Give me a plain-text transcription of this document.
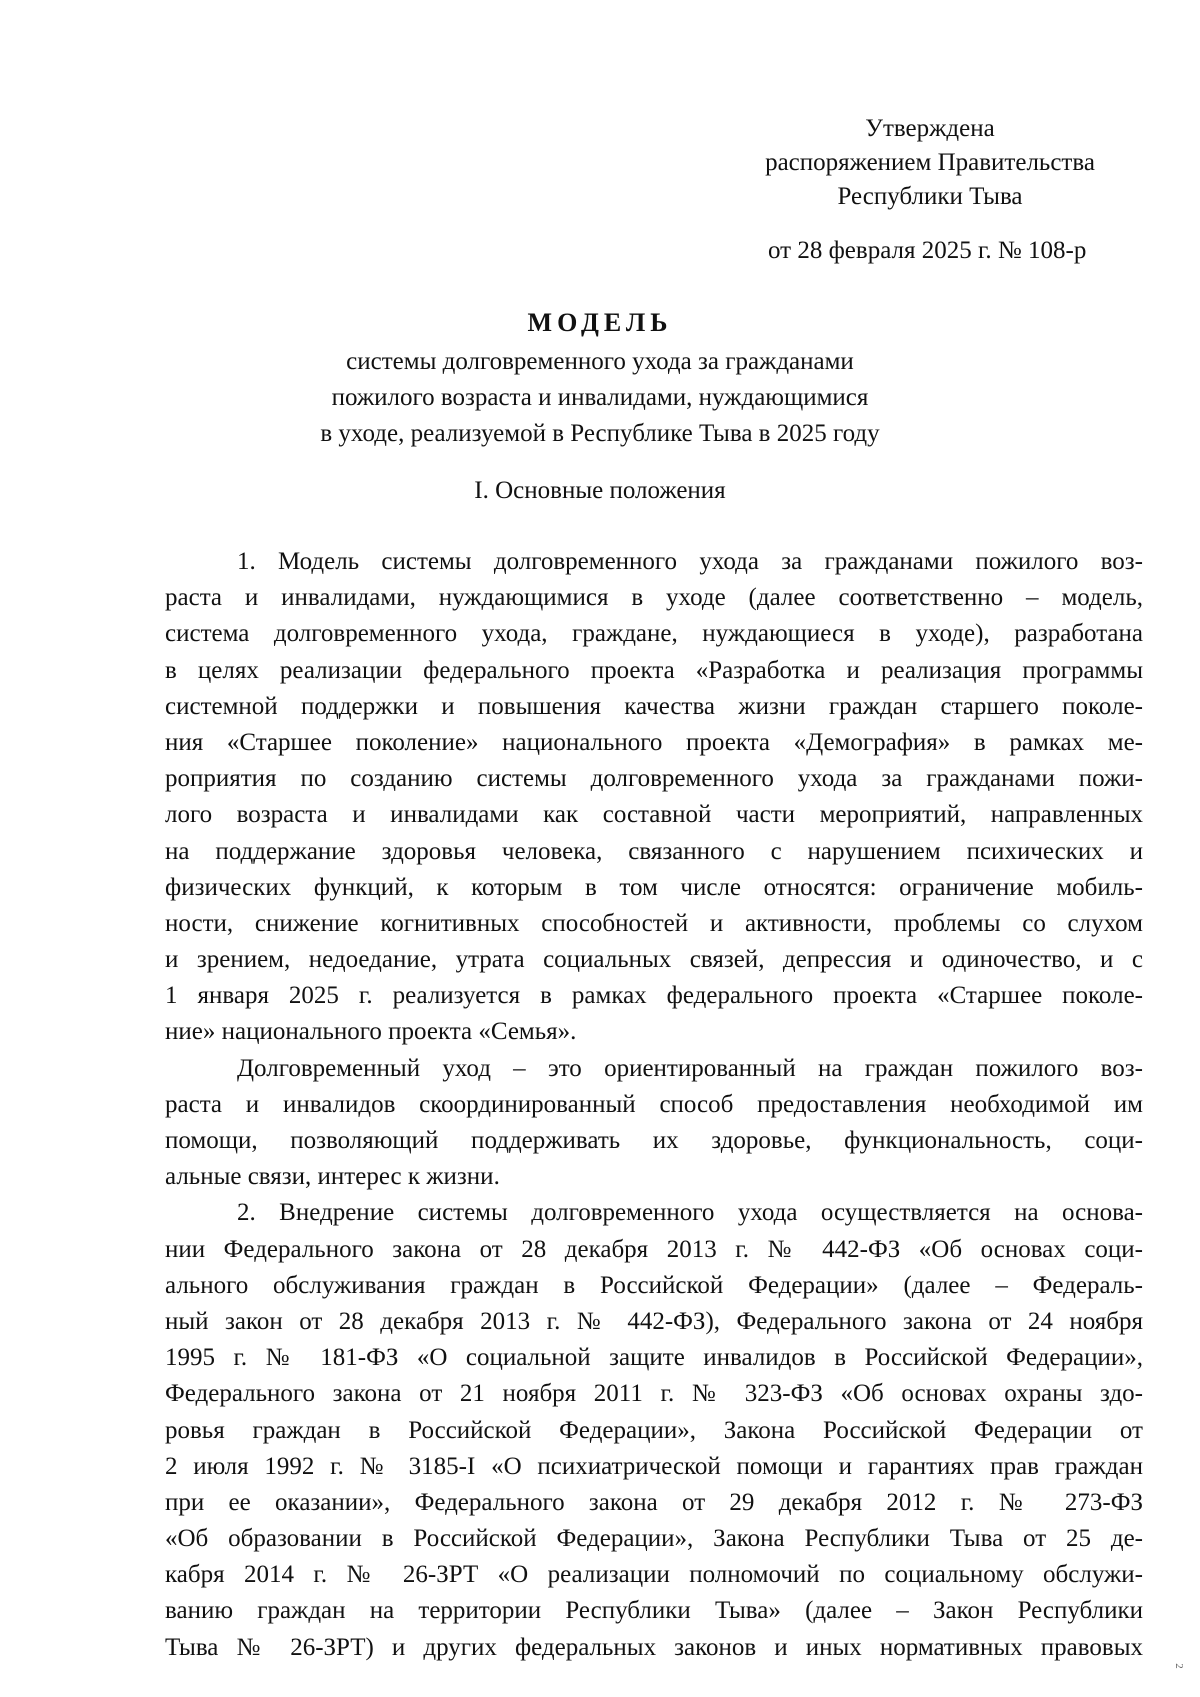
Утверждена
распоряжением Правительства
Республики Тыва
от 28 февраля 2025 г. № 108-р
МОДЕЛЬ
системы долговременного ухода за гражданами
пожилого возраста и инвалидами, нуждающимися
в уходе, реализуемой в Республике Тыва в 2025 году
I. Основные положения
1. Модель системы долговременного ухода за гражданами пожилого воз-
раста и инвалидами, нуждающимися в уходе (далее соответственно – модель,
система долговременного ухода, граждане, нуждающиеся в уходе), разработана
в целях реализации федерального проекта «Разработка и реализация программы
системной поддержки и повышения качества жизни граждан старшего поколе-
ния «Старшее поколение» национального проекта «Демография» в рамках ме-
роприятия по созданию системы долговременного ухода за гражданами пожи-
лого возраста и инвалидами как составной части мероприятий, направленных
на поддержание здоровья человека, связанного с нарушением психических и
физических функций, к которым в том числе относятся: ограничение мобиль-
ности, снижение когнитивных способностей и активности, проблемы со слухом
и зрением, недоедание, утрата социальных связей, депрессия и одиночество, и с
1 января 2025 г. реализуется в рамках федерального проекта «Старшее поколе-
ние» национального проекта «Семья».
Долговременный уход – это ориентированный на граждан пожилого воз-
раста и инвалидов скоординированный способ предоставления необходимой им
помощи, позволяющий поддерживать их здоровье, функциональность, соци-
альные связи, интерес к жизни.
2. Внедрение системы долговременного ухода осуществляется на основа-
нии Федерального закона от 28 декабря 2013 г. № 442-ФЗ «Об основах соци-
ального обслуживания граждан в Российской Федерации» (далее – Федераль-
ный закон от 28 декабря 2013 г. № 442-ФЗ), Федерального закона от 24 ноября
1995 г. № 181-ФЗ «О социальной защите инвалидов в Российской Федерации»,
Федерального закона от 21 ноября 2011 г. № 323-ФЗ «Об основах охраны здо-
ровья граждан в Российской Федерации», Закона Российской Федерации от
2 июля 1992 г. № 3185-I «О психиатрической помощи и гарантиях прав граждан
при ее оказании», Федерального закона от 29 декабря 2012 г. № 273-ФЗ
«Об образовании в Российской Федерации», Закона Республики Тыва от 25 де-
кабря 2014 г. № 26-ЗРТ «О реализации полномочий по социальному обслужи-
ванию граждан на территории Республики Тыва» (далее – Закон Республики
Тыва № 26-ЗРТ) и других федеральных законов и иных нормативных правовых
2
